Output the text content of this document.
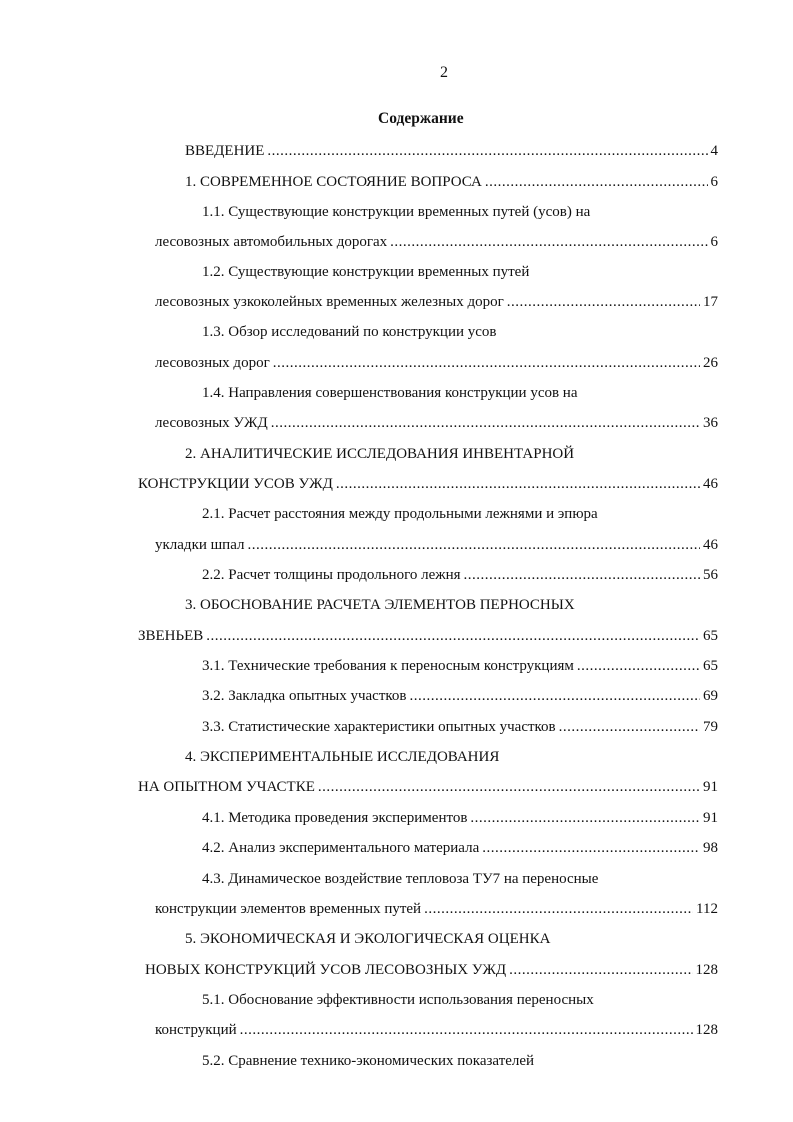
2
Содержание
ВВЕДЕНИЕ .....	4
1. СОВРЕМЕННОЕ СОСТОЯНИЕ ВОПРОСА .....	6
1.1. Существующие конструкции временных путей (усов) на
лесовозных автомобильных дорогах .....	6
1.2. Существующие конструкции временных путей
лесовозных узкоколейных временных железных дорог .....	17
1.3. Обзор исследований по конструкции усов
лесовозных дорог .....	26
1.4. Направления совершенствования конструкции усов на
лесовозных УЖД .....	36
2. АНАЛИТИЧЕСКИЕ ИССЛЕДОВАНИЯ ИНВЕНТАРНОЙ
КОНСТРУКЦИИ УСОВ УЖД .....	46
2.1. Расчет расстояния между продольными лежнями и эпюра
укладки шпал .....	46
2.2. Расчет толщины продольного лежня .....	56
3. ОБОСНОВАНИЕ РАСЧЕТА ЭЛЕМЕНТОВ ПЕРНОСНЫХ
ЗВЕНЬЕВ .....	65
3.1. Технические требования к переносным конструкциям .....	65
3.2. Закладка опытных участков .....	69
3.3. Статистические характеристики опытных участков .....	79
4. ЭКСПЕРИМЕНТАЛЬНЫЕ ИССЛЕДОВАНИЯ
НА ОПЫТНОМ УЧАСТКЕ .....	91
4.1. Методика проведения экспериментов .....	91
4.2. Анализ экспериментального материала .....	98
4.3. Динамическое воздействие тепловоза ТУ7 на переносные
конструкции элементов временных путей .....	112
5. ЭКОНОМИЧЕСКАЯ И ЭКОЛОГИЧЕСКАЯ ОЦЕНКА
НОВЫХ КОНСТРУКЦИЙ УСОВ ЛЕСОВОЗНЫХ УЖД .....	128
5.1. Обоснование эффективности использования переносных
конструкций .....	128
5.2. Сравнение технико-экономических показателей
